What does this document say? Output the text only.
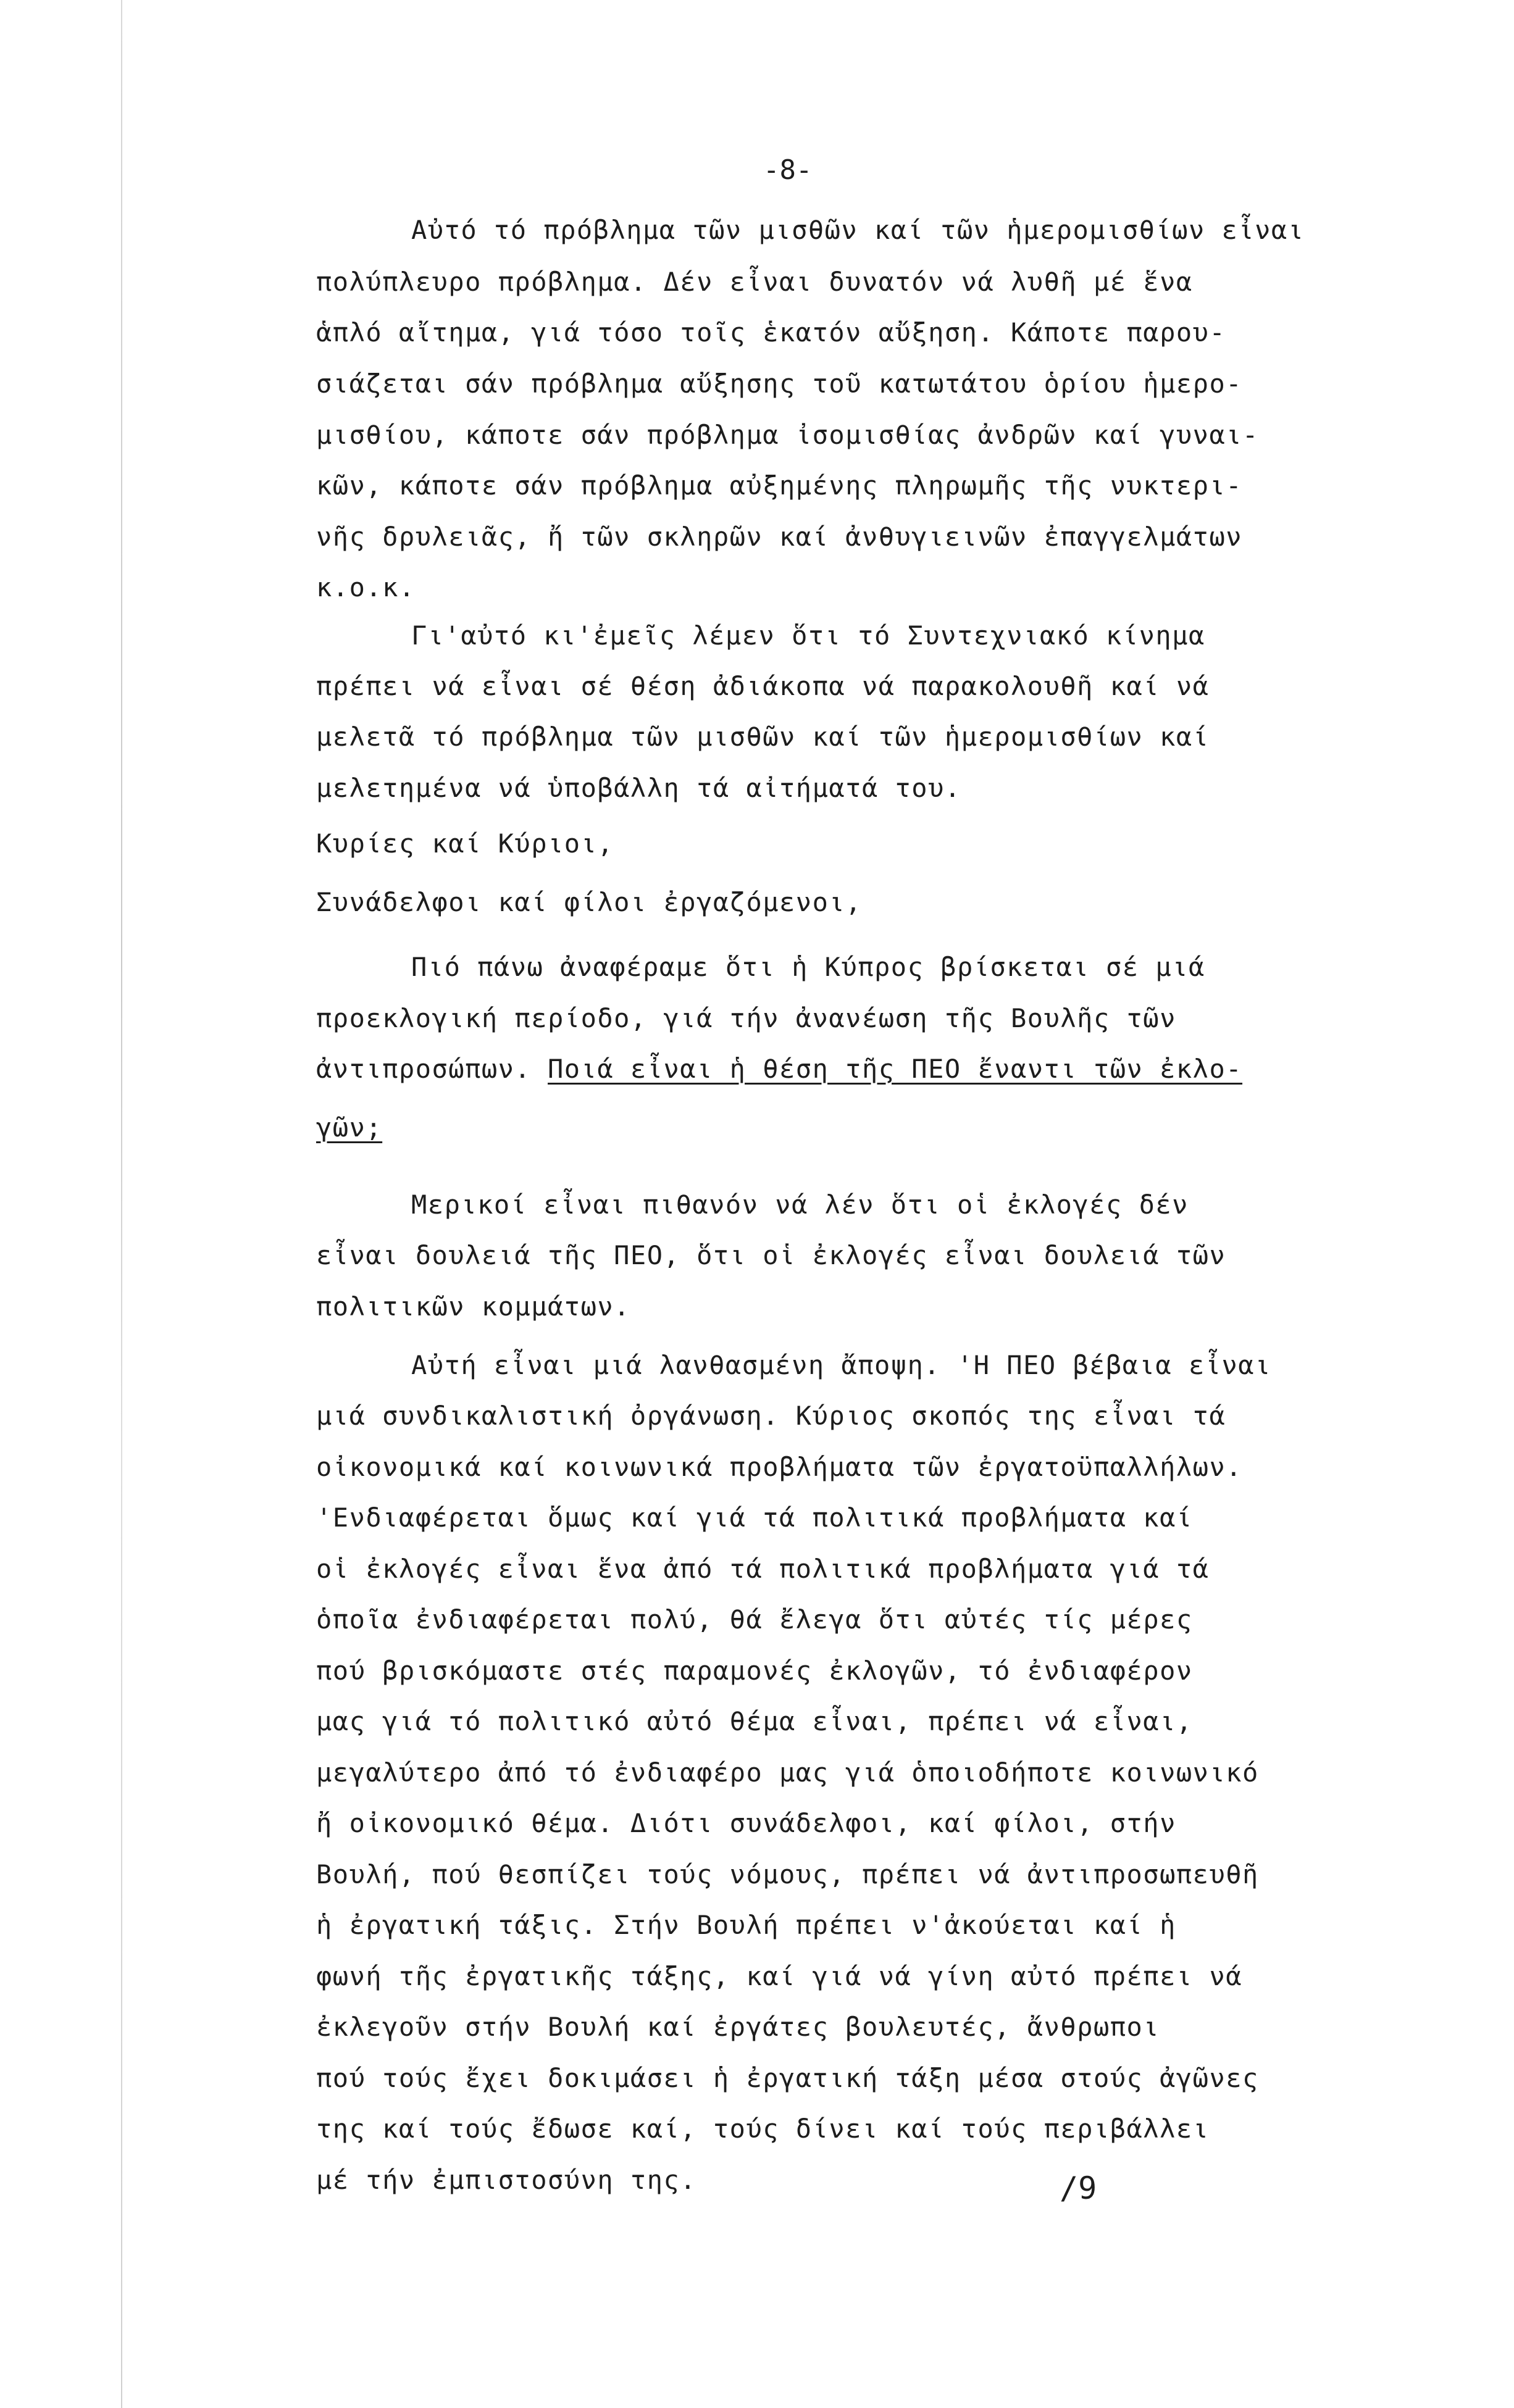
-8-
Αὐτό τό πρόβλημα τῶν μισθῶν καί τῶν ἡμερομισθίων εἶναι
πολύπλευρο πρόβλημα. Δέν εἶναι δυνατόν νά λυθῆ μέ ἕνα
ἁπλό αἴτημα, γιά τόσο τοῖς ἑκατόν αὔξηση. Κάποτε παρου-
σιάζεται σάν πρόβλημα αὔξησης τοῦ κατωτάτου ὁρίου ἡμερο-
μισθίου, κάποτε σάν πρόβλημα ἰσομισθίας ἀνδρῶν καί γυναι-
κῶν, κάποτε σάν πρόβλημα αὐξημένης πληρωμῆς τῆς νυκτερι-
νῆς δρυλειᾶς, ἤ τῶν σκληρῶν καί ἀνθυγιεινῶν ἐπαγγελμάτων
κ.ο.κ.
Γι'αὐτό κι'ἐμεῖς λέμεν ὅτι τό Συντεχνιακό κίνημα
πρέπει νά εἶναι σέ θέση ἀδιάκοπα νά παρακολουθῆ καί νά
μελετᾶ τό πρόβλημα τῶν μισθῶν καί τῶν ἡμερομισθίων καί
μελετημένα νά ὑποβάλλη τά αἰτήματά του.
Κυρίες καί Κύριοι,
Συνάδελφοι καί φίλοι ἐργαζόμενοι,
Πιό πάνω ἀναφέραμε ὅτι ἡ Κύπρος βρίσκεται σέ μιά
προεκλογική περίοδο, γιά τήν ἀνανέωση τῆς Βουλῆς τῶν
ἀντιπροσώπων. Ποιά εἶναι ἡ θέση τῆς ΠΕΟ ἔναντι τῶν ἐκλο-
γῶν;
Μερικοί εἶναι πιθανόν νά λέν ὅτι οἱ ἐκλογές δέν
εἶναι δουλειά τῆς ΠΕΟ, ὅτι οἱ ἐκλογές εἶναι δουλειά τῶν
πολιτικῶν κομμάτων.
Αὐτή εἶναι μιά λανθασμένη ἄποψη. 'Η ΠΕΟ βέβαια εἶναι
μιά συνδικαλιστική ὀργάνωση. Κύριος σκοπός της εἶναι τά
οἰκονομικά καί κοινωνικά προβλήματα τῶν ἐργατοϋπαλλήλων.
'Ενδιαφέρεται ὅμως καί γιά τά πολιτικά προβλήματα καί
οἱ ἐκλογές εἶναι ἕνα ἀπό τά πολιτικά προβλήματα γιά τά
ὁποῖα ἐνδιαφέρεται πολύ, θά ἔλεγα ὅτι αὐτές τίς μέρες
πού βρισκόμαστε στές παραμονές ἐκλογῶν, τό ἐνδιαφέρον
μας γιά τό πολιτικό αὐτό θέμα εἶναι, πρέπει νά εἶναι,
μεγαλύτερο ἀπό τό ἐνδιαφέρο μας γιά ὁποιοδήποτε κοινωνικό
ἤ οἰκονομικό θέμα. Διότι συνάδελφοι, καί φίλοι, στήν
Βουλή, πού θεσπίζει τούς νόμους, πρέπει νά ἀντιπροσωπευθῆ
ἡ ἐργατική τάξις. Στήν Βουλή πρέπει ν'ἀκούεται καί ἡ
φωνή τῆς ἐργατικῆς τάξης, καί γιά νά γίνη αὐτό πρέπει νά
ἐκλεγοῦν στήν Βουλή καί ἐργάτες βουλευτές, ἄνθρωποι
πού τούς ἔχει δοκιμάσει ἡ ἐργατική τάξη μέσα στούς ἀγῶνες
της καί τούς ἔδωσε καί, τούς δίνει καί τούς περιβάλλει
μέ τήν ἐμπιστοσύνη της.	/9
